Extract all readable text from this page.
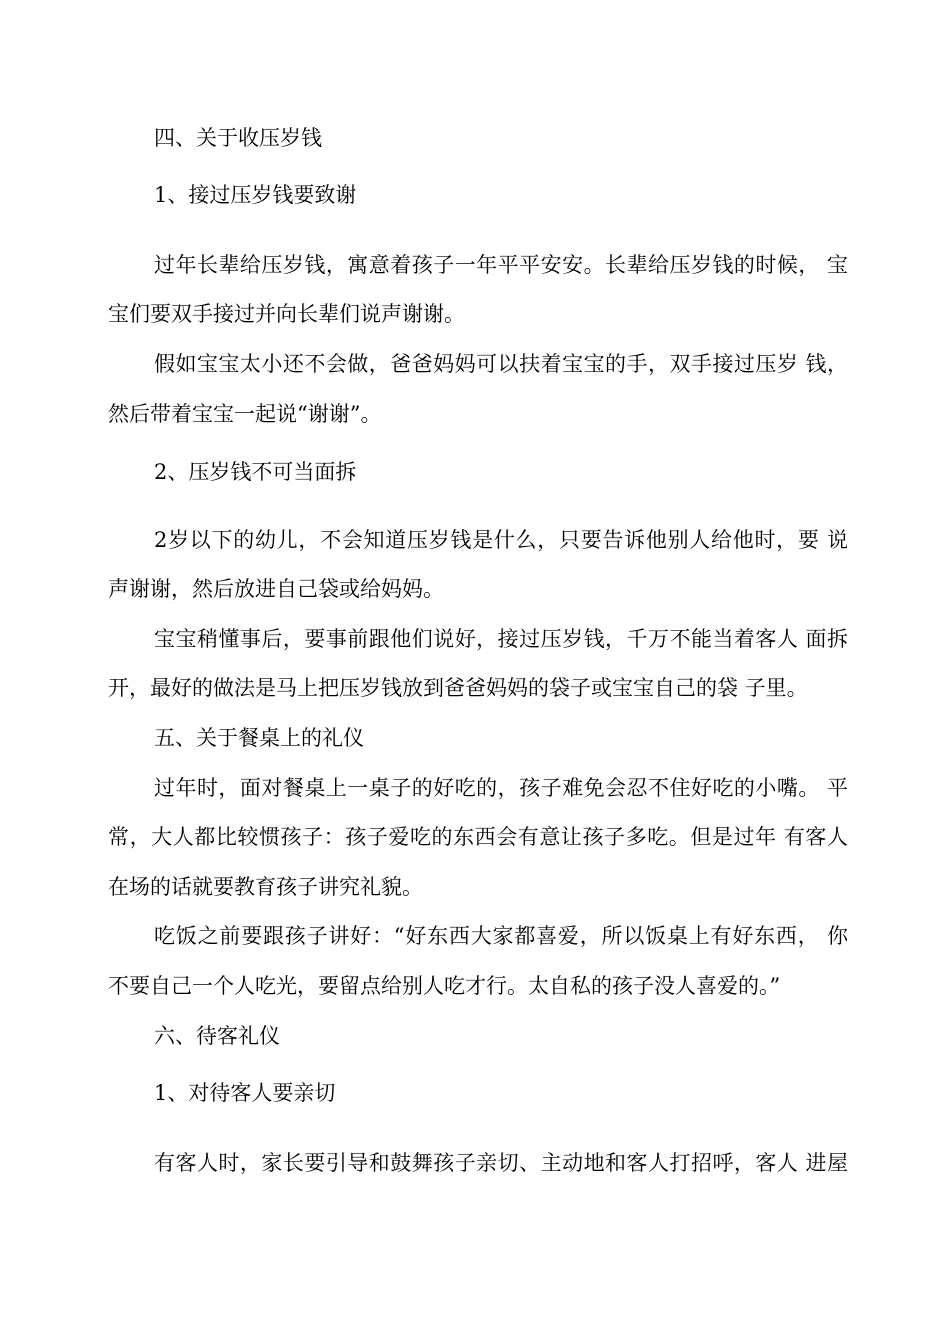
四、关于收压岁钱
1、接过压岁钱要致谢
过年长辈给压岁钱，寓意着孩子一年平平安安。长辈给压岁钱的时候， 宝
宝们要双手接过并向长辈们说声谢谢。
假如宝宝太小还不会做，爸爸妈妈可以扶着宝宝的手，双手接过压岁 钱，
然后带着宝宝一起说“谢谢”。
2、压岁钱不可当面拆
2岁以下的幼儿，不会知道压岁钱是什么，只要告诉他别人给他时，要 说
声谢谢，然后放进自己袋或给妈妈。
宝宝稍懂事后，要事前跟他们说好，接过压岁钱，千万不能当着客人 面拆
开，最好的做法是马上把压岁钱放到爸爸妈妈的袋子或宝宝自己的袋 子里。
五、关于餐桌上的礼仪
过年时，面对餐桌上一桌子的好吃的，孩子难免会忍不住好吃的小嘴。 平
常，大人都比较惯孩子：孩子爱吃的东西会有意让孩子多吃。但是过年 有客人
在场的话就要教育孩子讲究礼貌。
吃饭之前要跟孩子讲好：“好东西大家都喜爱，所以饭桌上有好东西， 你
不要自己一个人吃光，要留点给别人吃才行。太自私的孩子没人喜爱的。”
六、待客礼仪
1、对待客人要亲切
有客人时，家长要引导和鼓舞孩子亲切、主动地和客人打招呼，客人 进屋
